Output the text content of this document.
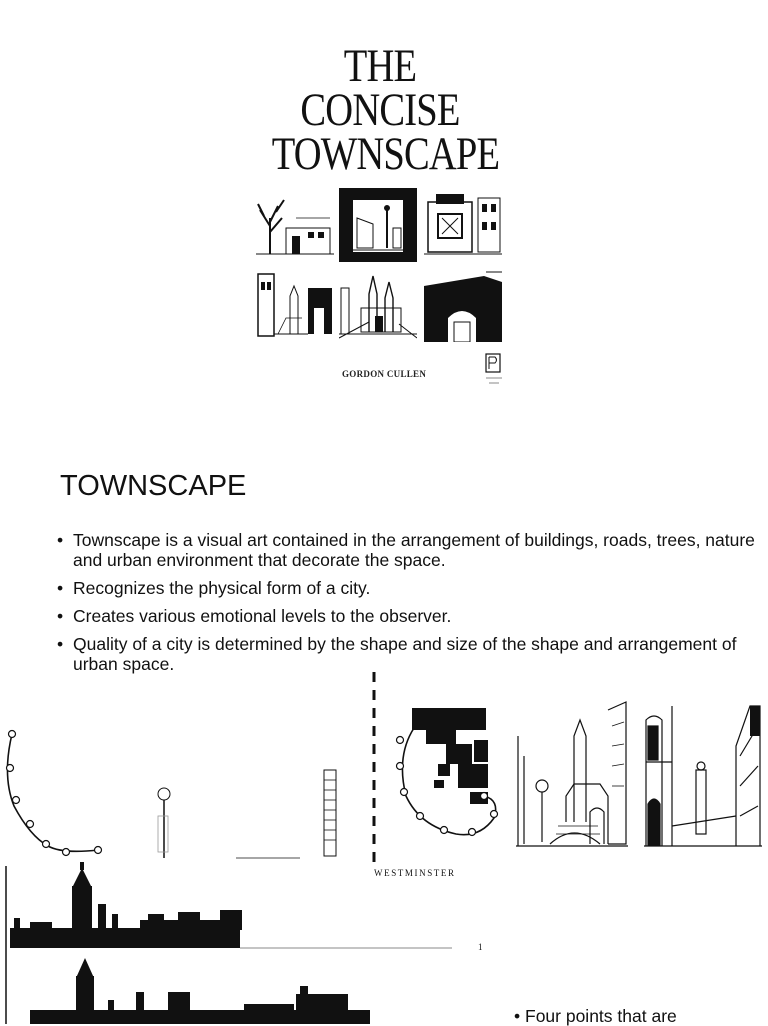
THE
CONCISE
TOWNSCAPE
GORDON CULLEN
TOWNSCAPE
• Townscape is a visual art contained in the arrangement of buildings, roads, trees, nature and urban environment that decorate the space.
• Recognizes the physical form of a city.
• Creates various emotional levels to the observer.
• Quality of a city is determined by the shape and size of the shape and arrangement of urban space.
WESTMINSTER
1
• Four points that are
